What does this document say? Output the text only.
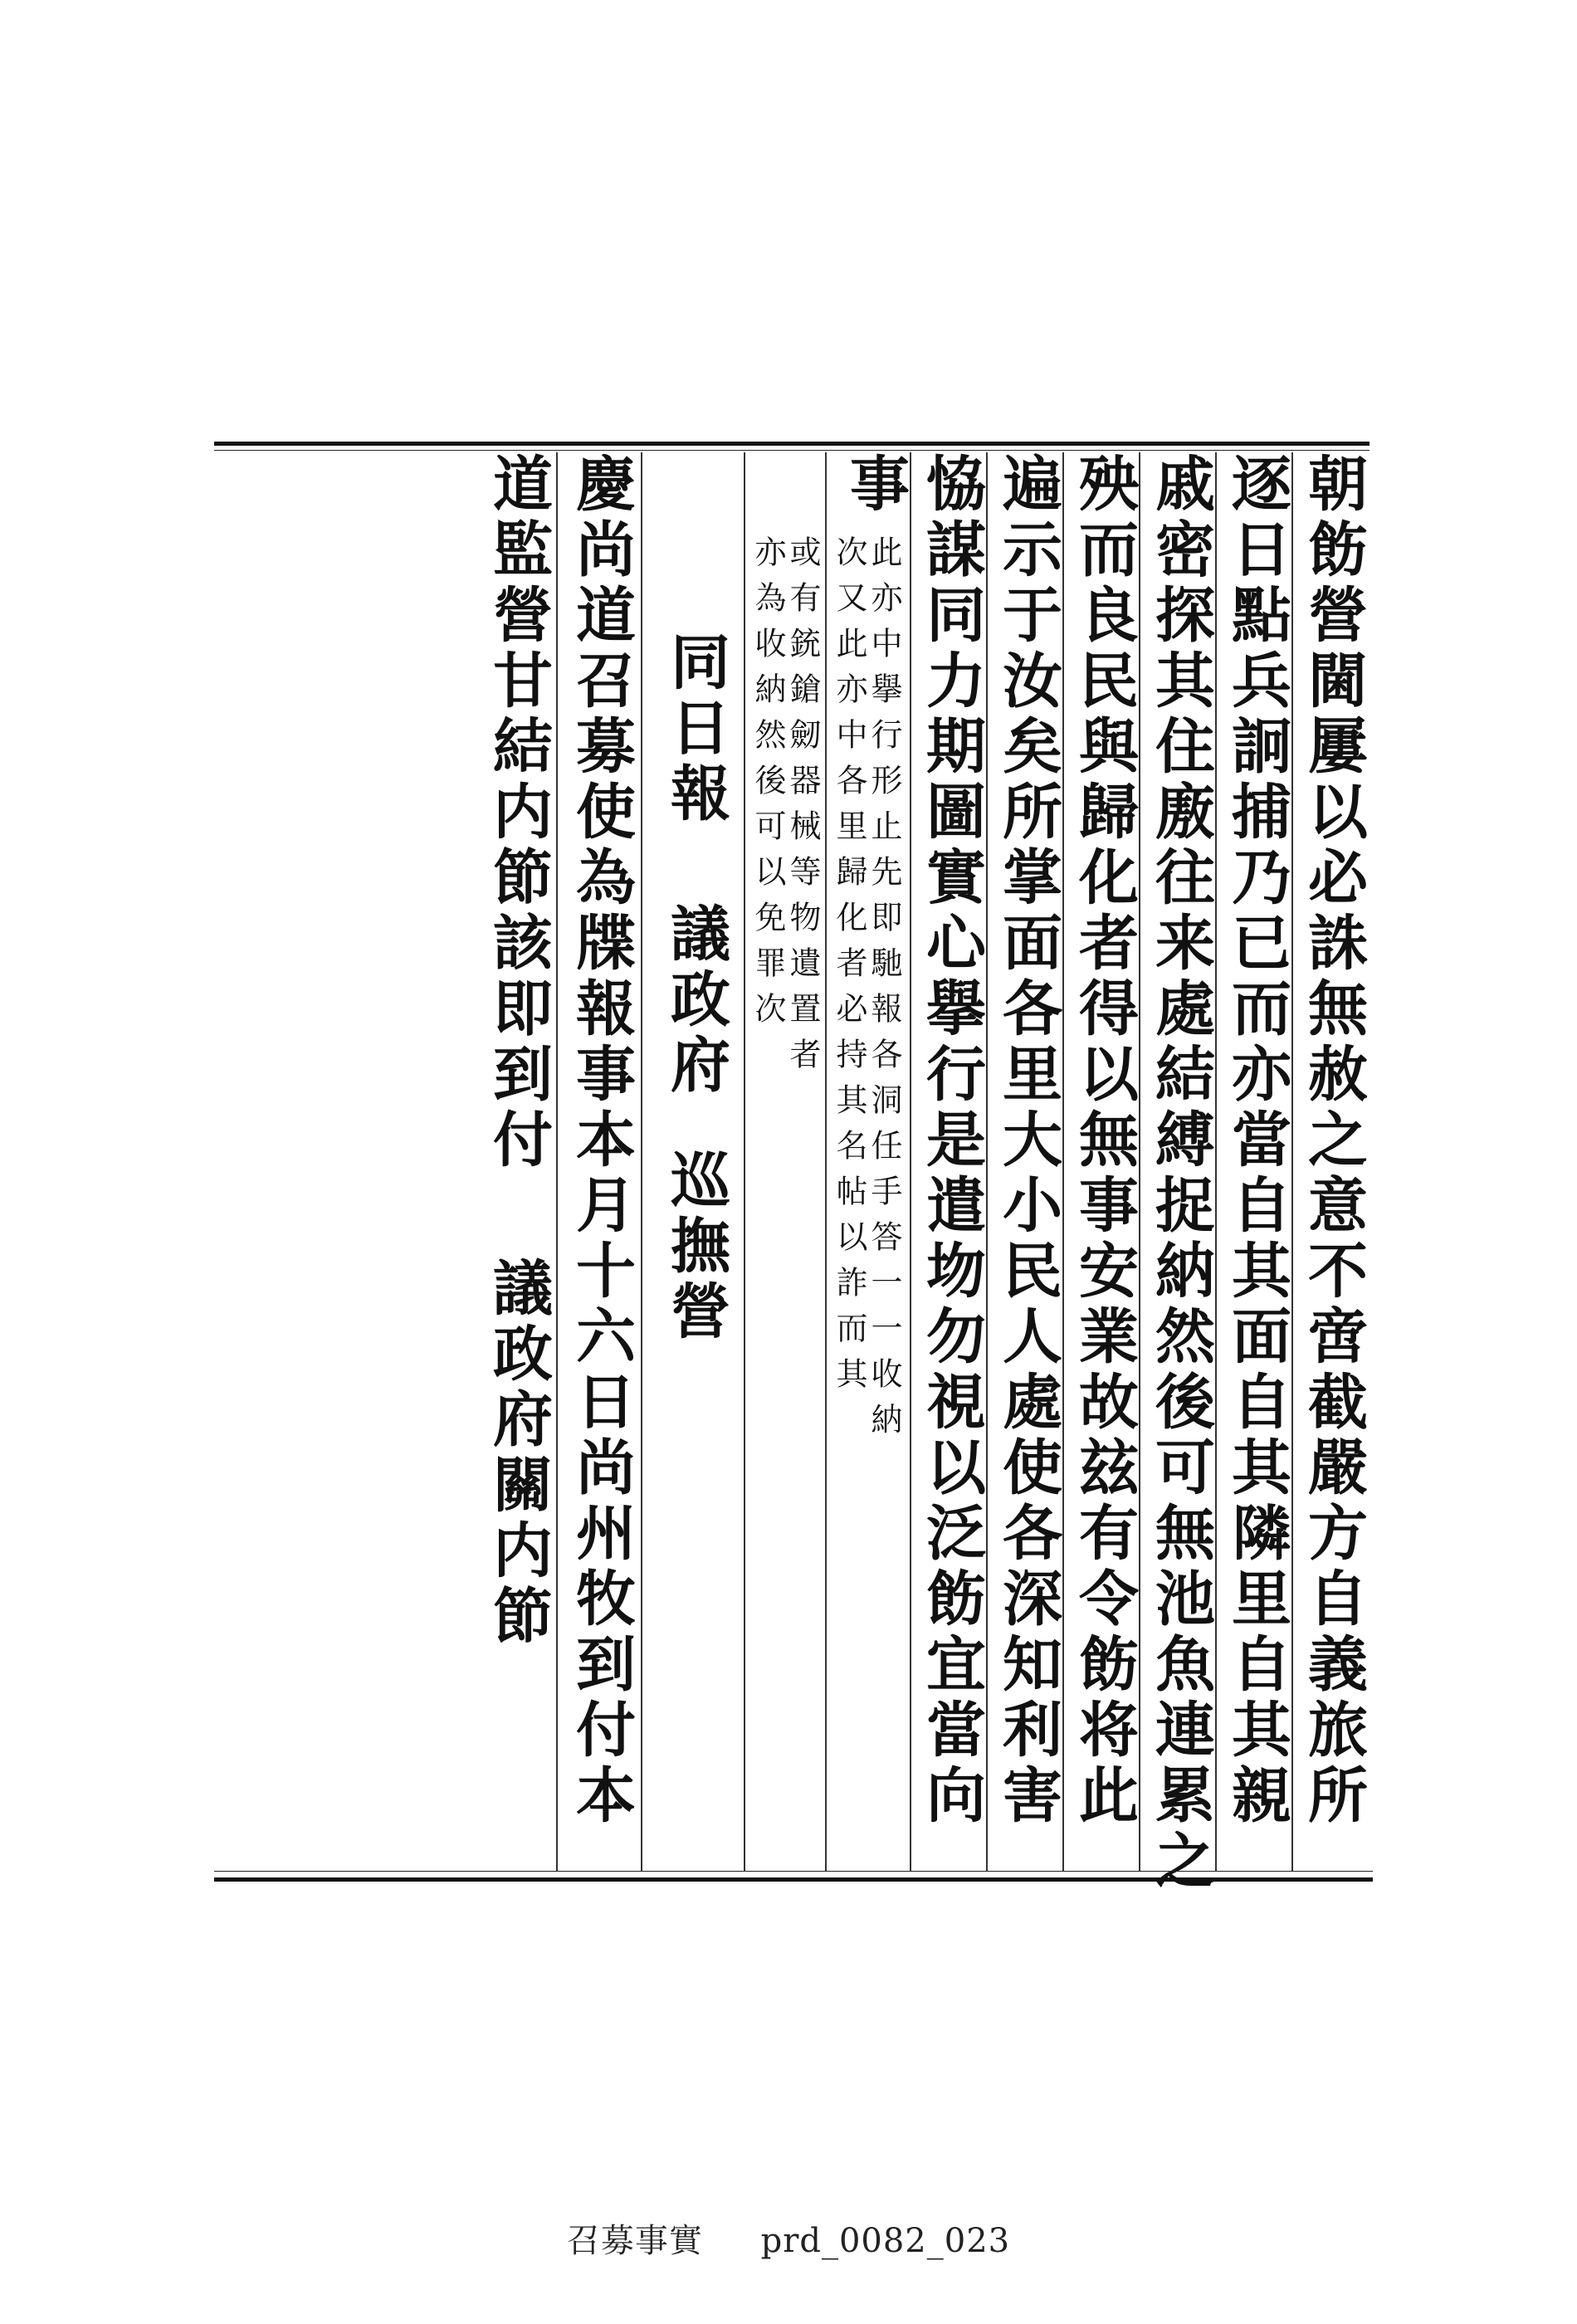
朝飭營閫屢以必誅無赦之意不啻截嚴方自義旅所
逐日點兵詗捕乃已而亦當自其面自其隣里自其親
戚密探其住廒往来處結縛捉納然後可無池魚連累之
殃而良民與歸化者得以無事安業故玆有令飭将此
遍示于汝矣所掌面各里大小民人處使各深知利害
恊謀同力期圖實心擧行是遣圽勿視以泛飭宜當向
事
此亦中擧行形止先即馳報各洞任手答一一收納
次又此亦中各里歸化者必持其名帖以詐而其
或有銃鎗劒器械等物遺置者
亦為收納然後可以免罪次
同日報議政府巡撫營
慶尚道召募使為牒報事本月十六日尚州牧到付本
道監營甘結内節該即到付議政府關内節
召募事實 prd_0082_023
